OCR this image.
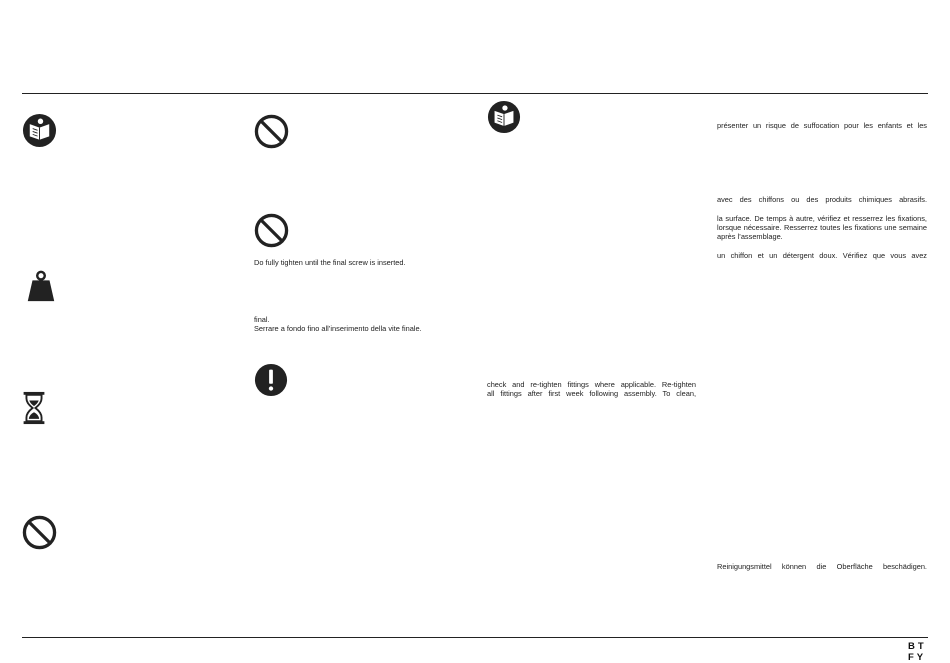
Do fully tighten until the final screw is inserted.
final.
Serrare a fondo fino all’inserimento della vite finale.
check and re-tighten fittings where applicable. Re-tighten
all fittings after first week following assembly. To clean,
présenter un risque de suffocation pour les enfants et les
avec des chiffons ou des produits chimiques abrasifs.
la surface. De temps à autre, vérifiez et resserrez les fixations, lorsque nécessaire. Resserrez toutes les fixations une semaine après l’assemblage.
un chiffon et un détergent doux. Vérifiez que vous avez
Reinigungsmittel können die Oberfläche beschädigen.
BT
FY
